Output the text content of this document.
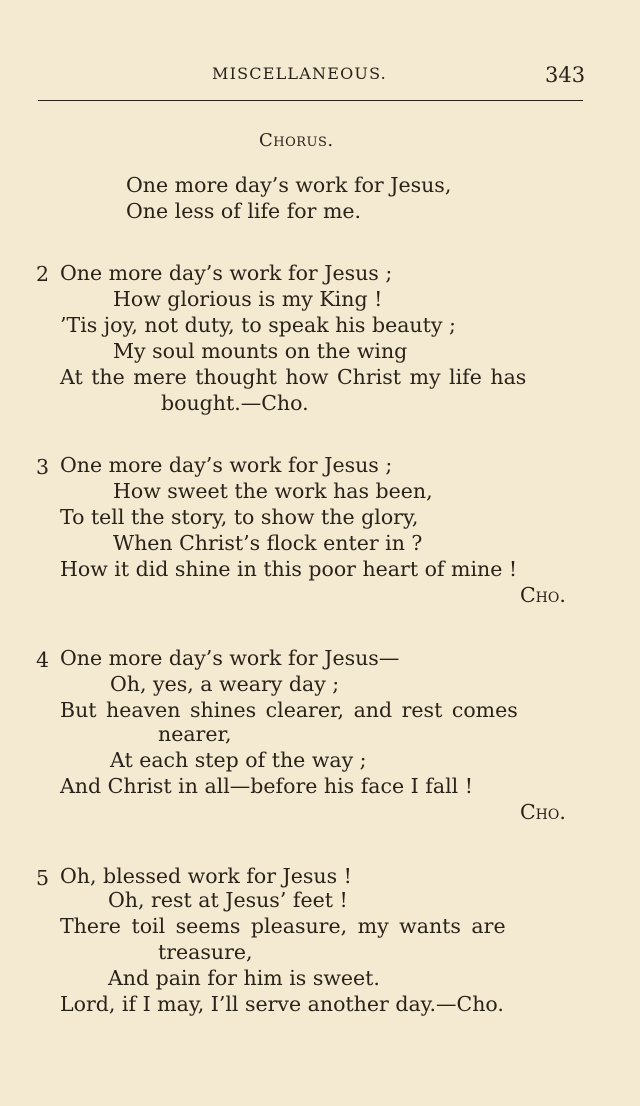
MISCELLANEOUS.	343
Chorus.
One more day’s work for Jesus,
One less of life for me.
2 One more day’s work for Jesus ;
How glorious is my King !
’Tis joy, not duty, to speak his beauty ;
My soul mounts on the wing
At the mere thought how Christ my life has
bought.—Cho.
3 One more day’s work for Jesus ;
How sweet the work has been,
To tell the story, to show the glory,
When Christ’s flock enter in ?
How it did shine in this poor heart of mine !
Cho.
4 One more day’s work for Jesus—
Oh, yes, a weary day ;
But heaven shines clearer, and rest comes
nearer,
At each step of the way ;
And Christ in all—before his face I fall !
Cho.
5 Oh, blessed work for Jesus !
Oh, rest at Jesus’ feet !
There toil seems pleasure, my wants are
treasure,
And pain for him is sweet.
Lord, if I may, I’ll serve another day.—Cho.
